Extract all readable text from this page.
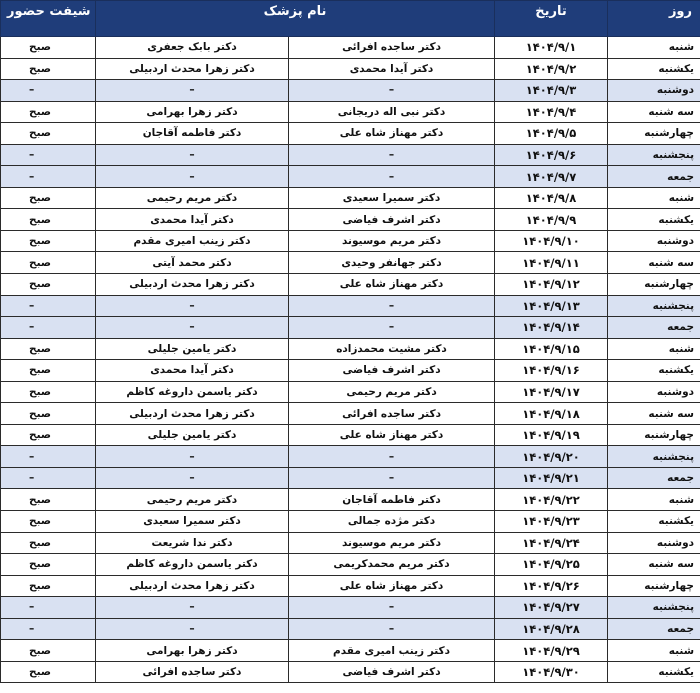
روز	تاریخ	نام پزشک		شیفت حضور
شنبه	۱۴۰۴/۹/۱	دکتر ساجده افرائی	دکتر بابک جعفری	صبح
یکشنبه	۱۴۰۴/۹/۲	دکتر آیدا محمدی	دکتر زهرا محدث اردبیلی	صبح
دوشنبه	۱۴۰۴/۹/۳	–	–	–
سه شنبه	۱۴۰۴/۹/۴	دکتر نبی اله دریجانی	دکتر زهرا بهرامی	صبح
چهارشنبه	۱۴۰۴/۹/۵	دکتر مهناز شاه علی	دکتر فاطمه آقاجان	صبح
پنجشنبه	۱۴۰۴/۹/۶	–	–	–
جمعه	۱۴۰۴/۹/۷	–	–	–
شنبه	۱۴۰۴/۹/۸	دکتر سمیرا سعیدی	دکتر مریم رحیمی	صبح
یکشنبه	۱۴۰۴/۹/۹	دکتر اشرف فیاضی	دکتر آیدا محمدی	صبح
دوشنبه	۱۴۰۴/۹/۱۰	دکتر مریم موسیوند	دکتر زینب امیری مقدم	صبح
سه شنبه	۱۴۰۴/۹/۱۱	دکتر جهانفر وحیدی	دکتر محمد آیتی	صبح
چهارشنبه	۱۴۰۴/۹/۱۲	دکتر مهناز شاه علی	دکتر زهرا محدث اردبیلی	صبح
پنجشنبه	۱۴۰۴/۹/۱۳	–	–	–
جمعه	۱۴۰۴/۹/۱۴	–	–	–
شنبه	۱۴۰۴/۹/۱۵	دکتر مشیت محمدزاده	دکتر یامین جلیلی	صبح
یکشنبه	۱۴۰۴/۹/۱۶	دکتر اشرف فیاضی	دکتر آیدا محمدی	صبح
دوشنبه	۱۴۰۴/۹/۱۷	دکتر مریم رحیمی	دکتر یاسمن داروغه کاظم	صبح
سه شنبه	۱۴۰۴/۹/۱۸	دکتر ساجده افرائی	دکتر زهرا محدث اردبیلی	صبح
چهارشنبه	۱۴۰۴/۹/۱۹	دکتر مهناز شاه علی	دکتر یامین جلیلی	صبح
پنجشنبه	۱۴۰۴/۹/۲۰	–	–	–
جمعه	۱۴۰۴/۹/۲۱	–	–	–
شنبه	۱۴۰۴/۹/۲۲	دکتر فاطمه آقاجان	دکتر مریم رحیمی	صبح
یکشنبه	۱۴۰۴/۹/۲۳	دکتر مژده جمالی	دکتر سمیرا سعیدی	صبح
دوشنبه	۱۴۰۴/۹/۲۴	دکتر مریم موسیوند	دکتر ندا شریعت	صبح
سه شنبه	۱۴۰۴/۹/۲۵	دکتر مریم محمدکریمی	دکتر یاسمن داروغه کاظم	صبح
چهارشنبه	۱۴۰۴/۹/۲۶	دکتر مهناز شاه علی	دکتر زهرا محدث اردبیلی	صبح
پنجشنبه	۱۴۰۴/۹/۲۷	–	–	–
جمعه	۱۴۰۴/۹/۲۸	–	–	–
شنبه	۱۴۰۴/۹/۲۹	دکتر زینب امیری مقدم	دکتر زهرا بهرامی	صبح
یکشنبه	۱۴۰۴/۹/۳۰	دکتر اشرف فیاضی	دکتر ساجده افرائی	صبح
